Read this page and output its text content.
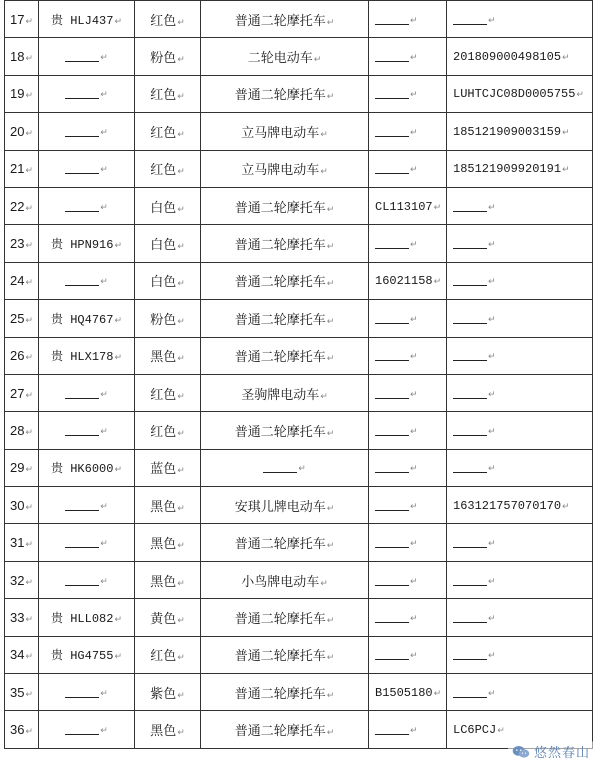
17↵	贵 HLJ437↵	红色↵	普通二轮摩托车↵	↵	↵
18↵	↵	粉色↵	二轮电动车↵	↵	201809000498105↵
19↵	↵	红色↵	普通二轮摩托车↵	↵	LUHTCJC08D0005755↵
20↵	↵	红色↵	立马牌电动车↵	↵	185121909003159↵
21↵	↵	红色↵	立马牌电动车↵	↵	185121909920191↵
22↵	↵	白色↵	普通二轮摩托车↵	CL113107↵	↵
23↵	贵 HPN916↵	白色↵	普通二轮摩托车↵	↵	↵
24↵	↵	白色↵	普通二轮摩托车↵	16021158↵	↵
25↵	贵 HQ4767↵	粉色↵	普通二轮摩托车↵	↵	↵
26↵	贵 HLX178↵	黑色↵	普通二轮摩托车↵	↵	↵
27↵	↵	红色↵	圣驹牌电动车↵	↵	↵
28↵	↵	红色↵	普通二轮摩托车↵	↵	↵
29↵	贵 HK6000↵	蓝色↵	↵	↵	↵
30↵	↵	黑色↵	安琪儿牌电动车↵	↵	163121757070170↵
31↵	↵	黑色↵	普通二轮摩托车↵	↵	↵
32↵	↵	黑色↵	小鸟牌电动车↵	↵	↵
33↵	贵 HLL082↵	黄色↵	普通二轮摩托车↵	↵	↵
34↵	贵 HG4755↵	红色↵	普通二轮摩托车↵	↵	↵
35↵	↵	紫色↵	普通二轮摩托车↵	B1505180↵	↵
36↵	↵	黑色↵	普通二轮摩托车↵	↵	LC6PCJ↵
悠然春山
